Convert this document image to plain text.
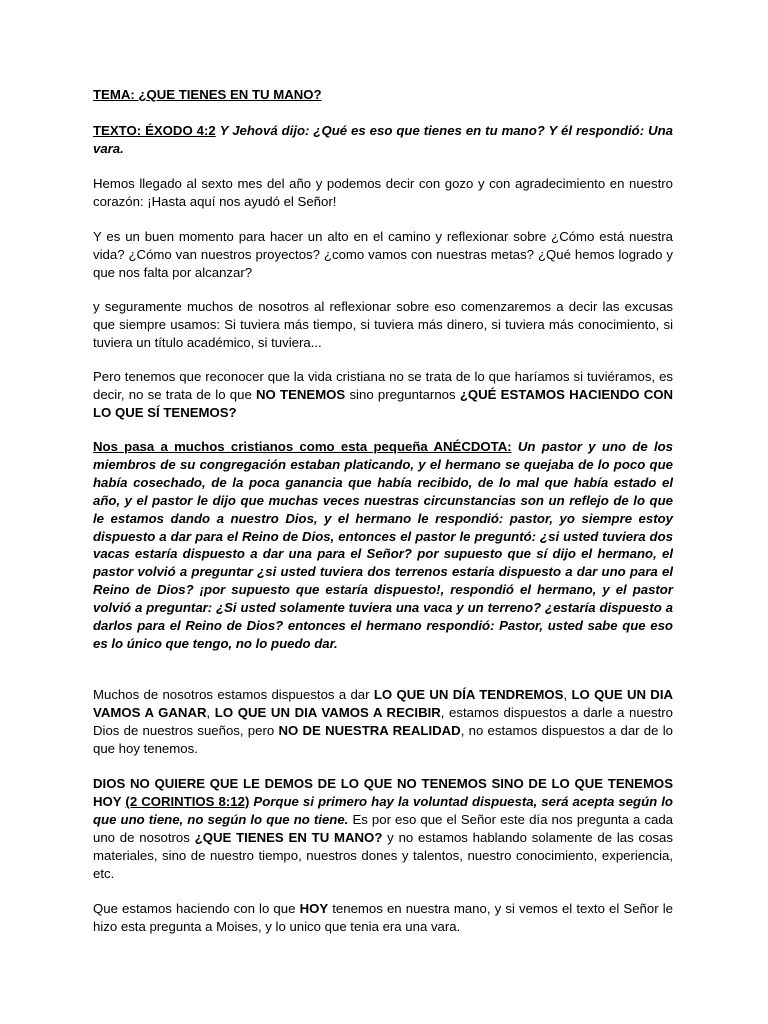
TEMA: ¿QUE TIENES EN TU MANO?

TEXTO: ÉXODO 4:2 Y Jehová dijo: ¿Qué es eso que tienes en tu mano? Y él respondió: Una vara.

Hemos llegado al sexto mes del año y podemos decir con gozo y con agradecimiento en nuestro corazón: ¡Hasta aquí nos ayudó el Señor!

Y es un buen momento para hacer un alto en el camino y reflexionar sobre ¿Cómo está nuestra vida? ¿Cómo van nuestros proyectos? ¿como vamos con nuestras metas? ¿Qué hemos logrado y que nos falta por alcanzar?

y seguramente muchos de nosotros al reflexionar sobre eso comenzaremos a decir las excusas que siempre usamos: Si tuviera más tiempo, si tuviera más dinero, si tuviera más conocimiento, si tuviera un título académico, si tuviera...

Pero tenemos que reconocer que la vida cristiana no se trata de lo que haríamos si tuviéramos, es decir, no se trata de lo que NO TENEMOS sino preguntarnos ¿QUÉ ESTAMOS HACIENDO CON LO QUE SÍ TENEMOS?

Nos pasa a muchos cristianos como esta pequeña ANÉCDOTA: Un pastor y uno de los miembros de su congregación estaban platicando, y el hermano se quejaba de lo poco que había cosechado, de la poca ganancia que había recibido, de lo mal que había estado el año, y el pastor le dijo que muchas veces nuestras circunstancias son un reflejo de lo que le estamos dando a nuestro Dios, y el hermano le respondió: pastor, yo siempre estoy dispuesto a dar para el Reino de Dios, entonces el pastor le preguntó: ¿si usted tuviera dos vacas estaría dispuesto a dar una para el Señor? por supuesto que sí dijo el hermano, el pastor volvió a preguntar ¿si usted tuviera dos terrenos estaría dispuesto a dar uno para el Reino de Dios? ¡por supuesto que estaría dispuesto!, respondió el hermano, y el pastor volvió a preguntar: ¿Si usted solamente tuviera una vaca y un terreno? ¿estaría dispuesto a darlos para el Reino de Dios? entonces el hermano respondió: Pastor, usted sabe que eso es lo único que tengo, no lo puedo dar.

Muchos de nosotros estamos dispuestos a dar LO QUE UN DÍA TENDREMOS, LO QUE UN DIA VAMOS A GANAR, LO QUE UN DIA VAMOS A RECIBIR, estamos dispuestos a darle a nuestro Dios de nuestros sueños, pero NO DE NUESTRA REALIDAD, no estamos dispuestos a dar de lo que hoy tenemos.

DIOS NO QUIERE QUE LE DEMOS DE LO QUE NO TENEMOS SINO DE LO QUE TENEMOS HOY (2 CORINTIOS 8:12) Porque si primero hay la voluntad dispuesta, será acepta según lo que uno tiene, no según lo que no tiene. Es por eso que el Señor este día nos pregunta a cada uno de nosotros ¿QUE TIENES EN TU MANO? y no estamos hablando solamente de las cosas materiales, sino de nuestro tiempo, nuestros dones y talentos, nuestro conocimiento, experiencia, etc.

Que estamos haciendo con lo que HOY tenemos en nuestra mano, y si vemos el texto el Señor le hizo esta pregunta a Moises, y lo unico que tenia era una vara.
